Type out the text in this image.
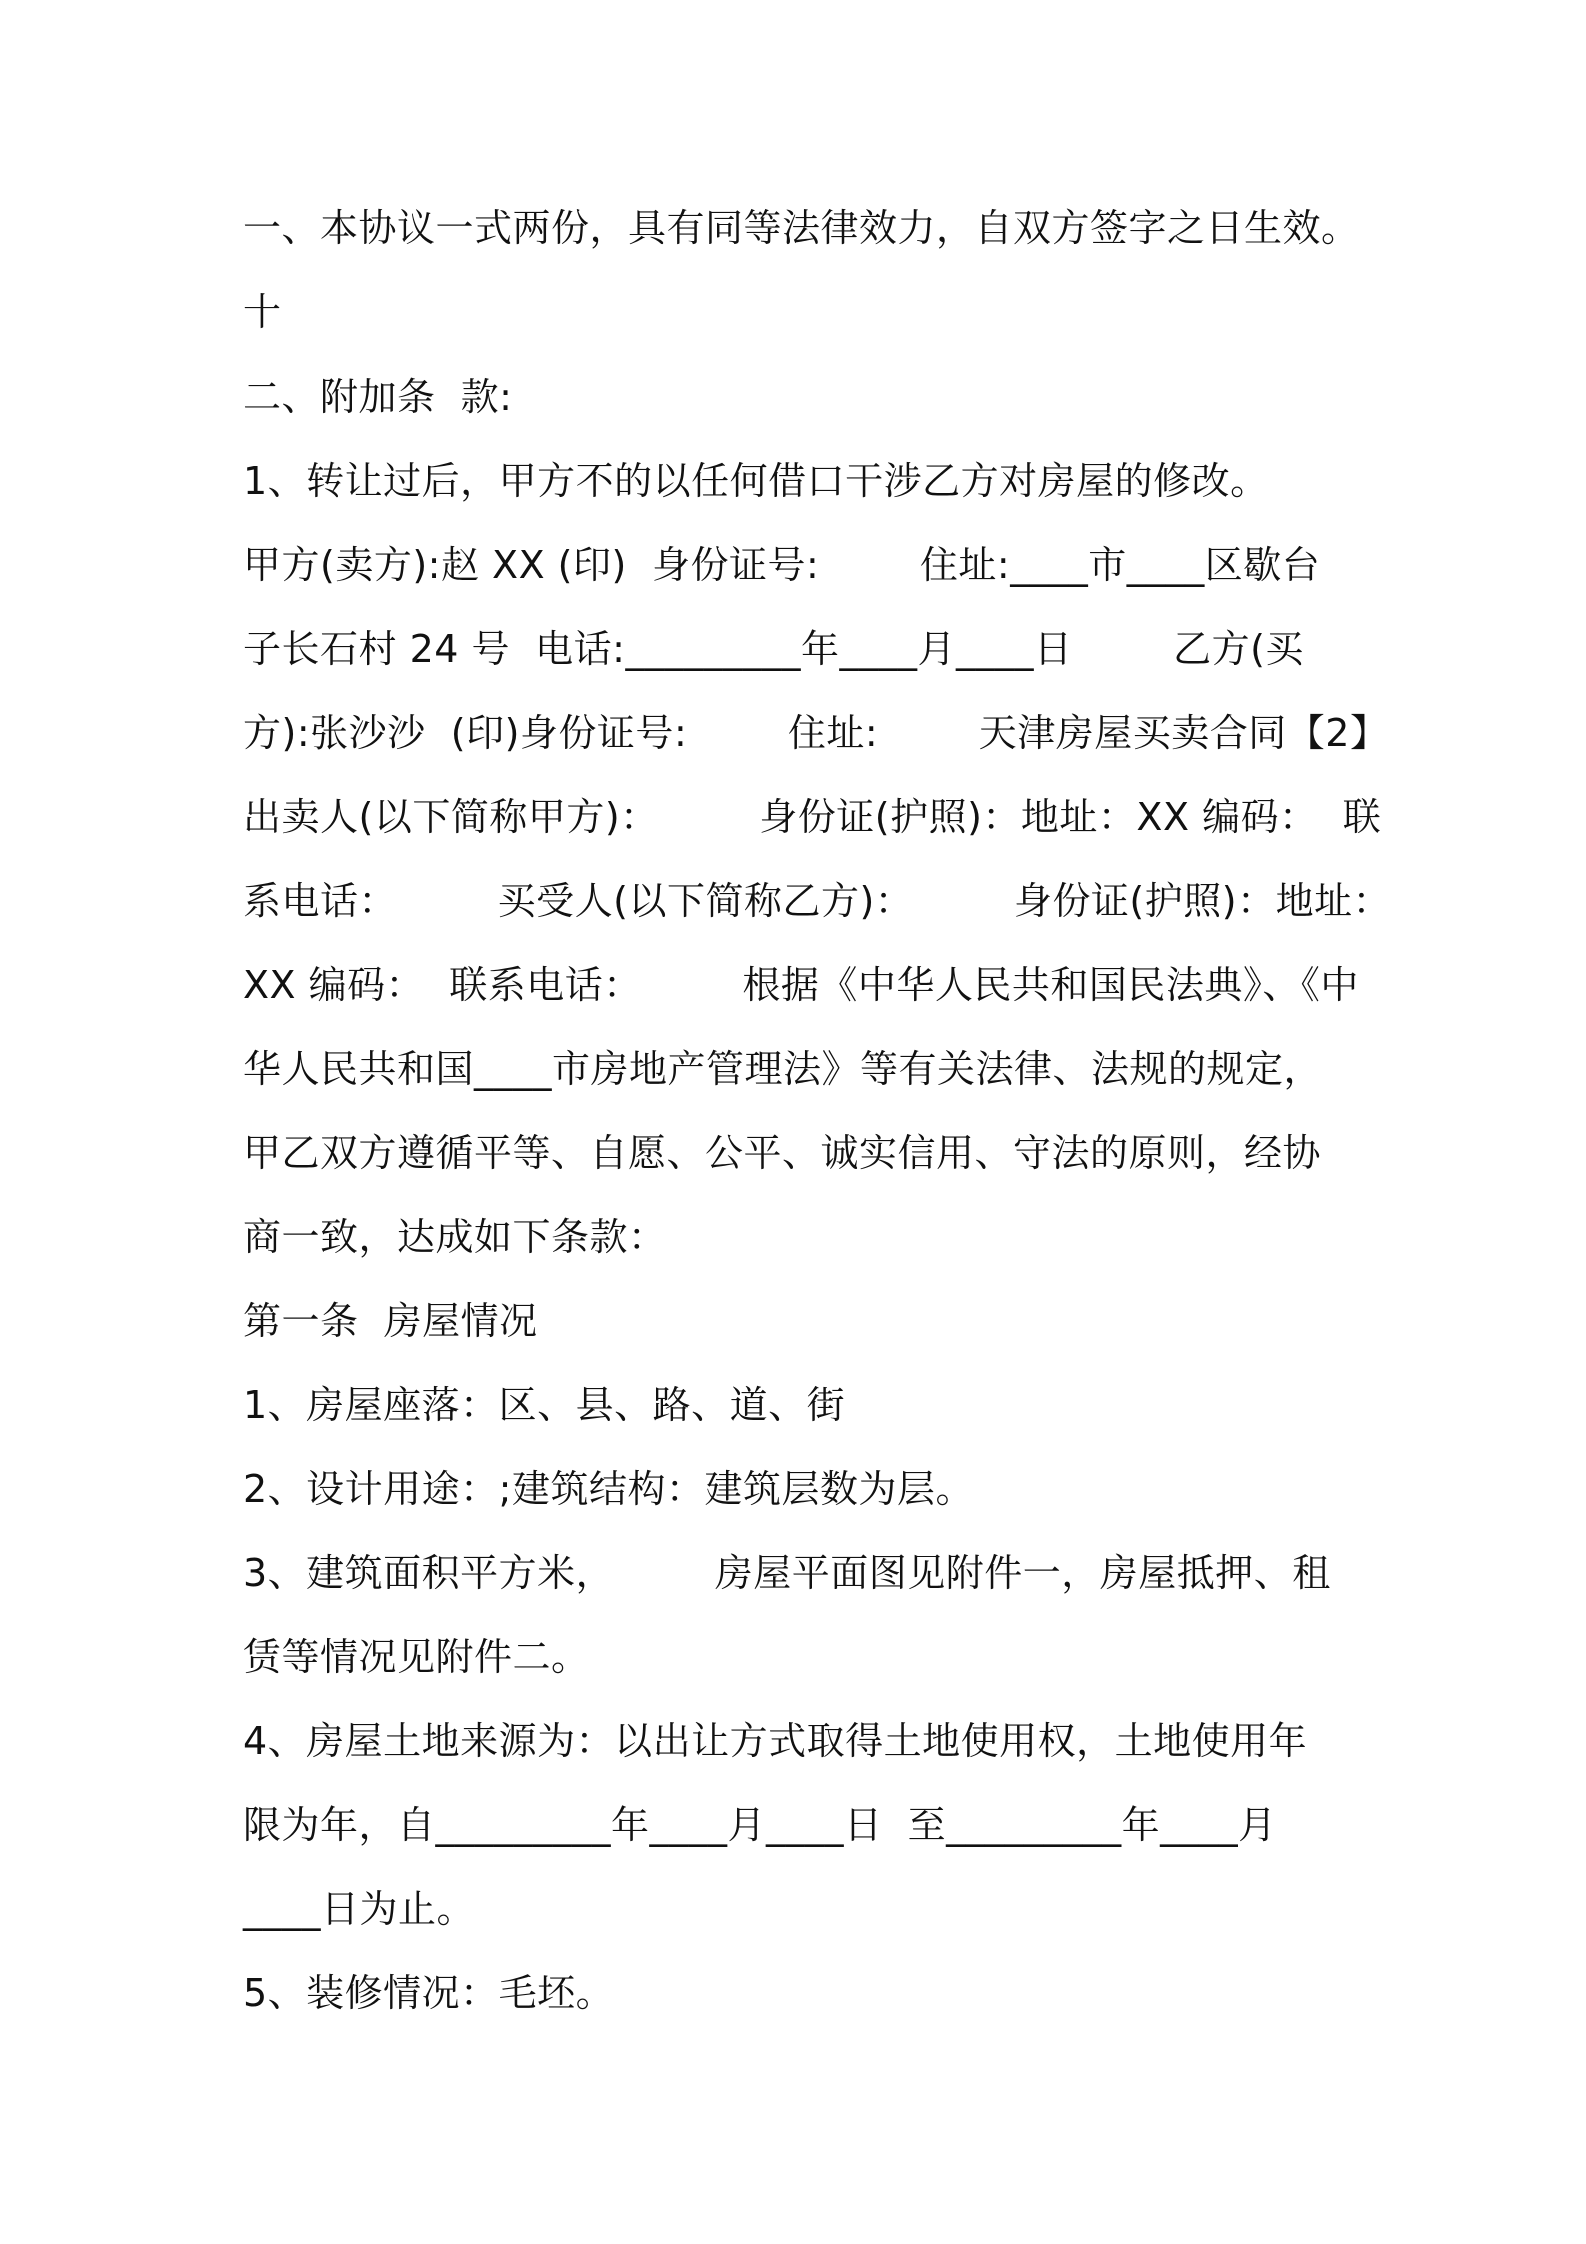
一、本协议一式两份，具有同等法律效力，自双方签字之日生效。
十
二、附加条  款:
1、转让过后，甲方不的以任何借口干涉乙方对房屋的修改。
甲方(卖方):赵 XX (印)  身份证号:        住址:____市____区歇台
子长石村 24 号  电话:_________年____月____日        乙方(买
方):张沙沙  (印)身份证号:        住址:        天津房屋买卖合同【2】
出卖人(以下简称甲方)：        身份证(护照)：地址：XX 编码：  联
系电话：        买受人(以下简称乙方)：        身份证(护照)：地址：
XX 编码：  联系电话：        根据《中华人民共和国民法典》、《中
华人民共和国____市房地产管理法》等有关法律、法规的规定，
甲乙双方遵循平等、自愿、公平、诚实信用、守法的原则，经协
商一致，达成如下条款：
第一条  房屋情况
1、房屋座落：区、县、路、道、街
2、设计用途：;建筑结构：建筑层数为层。
3、建筑面积平方米，        房屋平面图见附件一，房屋抵押、租
赁等情况见附件二。
4、房屋土地来源为：以出让方式取得土地使用权，土地使用年
限为年，自_________年____月____日  至_________年____月
____日为止。
5、装修情况：毛坯。
